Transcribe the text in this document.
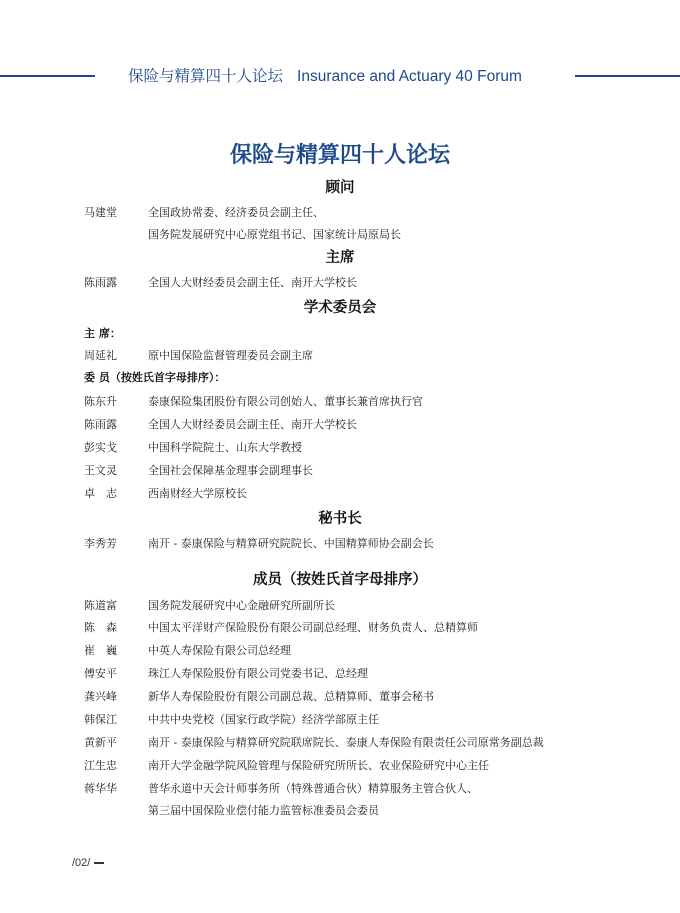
保险与精算四十人论坛 Insurance and Actuary 40 Forum
保险与精算四十人论坛
顾问
马建堂	全国政协常委、经济委员会副主任、
国务院发展研究中心原党组书记、国家统计局原局长
主席
陈雨露	全国人大财经委员会副主任、南开大学校长
学术委员会
主 席：
周延礼	原中国保险监督管理委员会副主席
委 员（按姓氏首字母排序）：
陈东升	泰康保险集团股份有限公司创始人、董事长兼首席执行官
陈雨露	全国人大财经委员会副主任、南开大学校长
彭实戈	中国科学院院士、山东大学教授
王文灵	全国社会保障基金理事会副理事长
卓　志	西南财经大学原校长
秘书长
李秀芳	南开 - 泰康保险与精算研究院院长、中国精算师协会副会长
成员（按姓氏首字母排序）
陈道富	国务院发展研究中心金融研究所副所长
陈　森	中国太平洋财产保险股份有限公司副总经理、财务负责人、总精算师
崔　巍	中英人寿保险有限公司总经理
傅安平	珠江人寿保险股份有限公司党委书记、总经理
龚兴峰	新华人寿保险股份有限公司副总裁、总精算师、董事会秘书
韩保江	中共中央党校（国家行政学院）经济学部原主任
黄新平	南开 - 泰康保险与精算研究院联席院长、泰康人寿保险有限责任公司原常务副总裁
江生忠	南开大学金融学院风险管理与保险研究所所长、农业保险研究中心主任
蒋华华	普华永道中天会计师事务所（特殊普通合伙）精算服务主管合伙人、
第三届中国保险业偿付能力监管标准委员会委员
/02/
